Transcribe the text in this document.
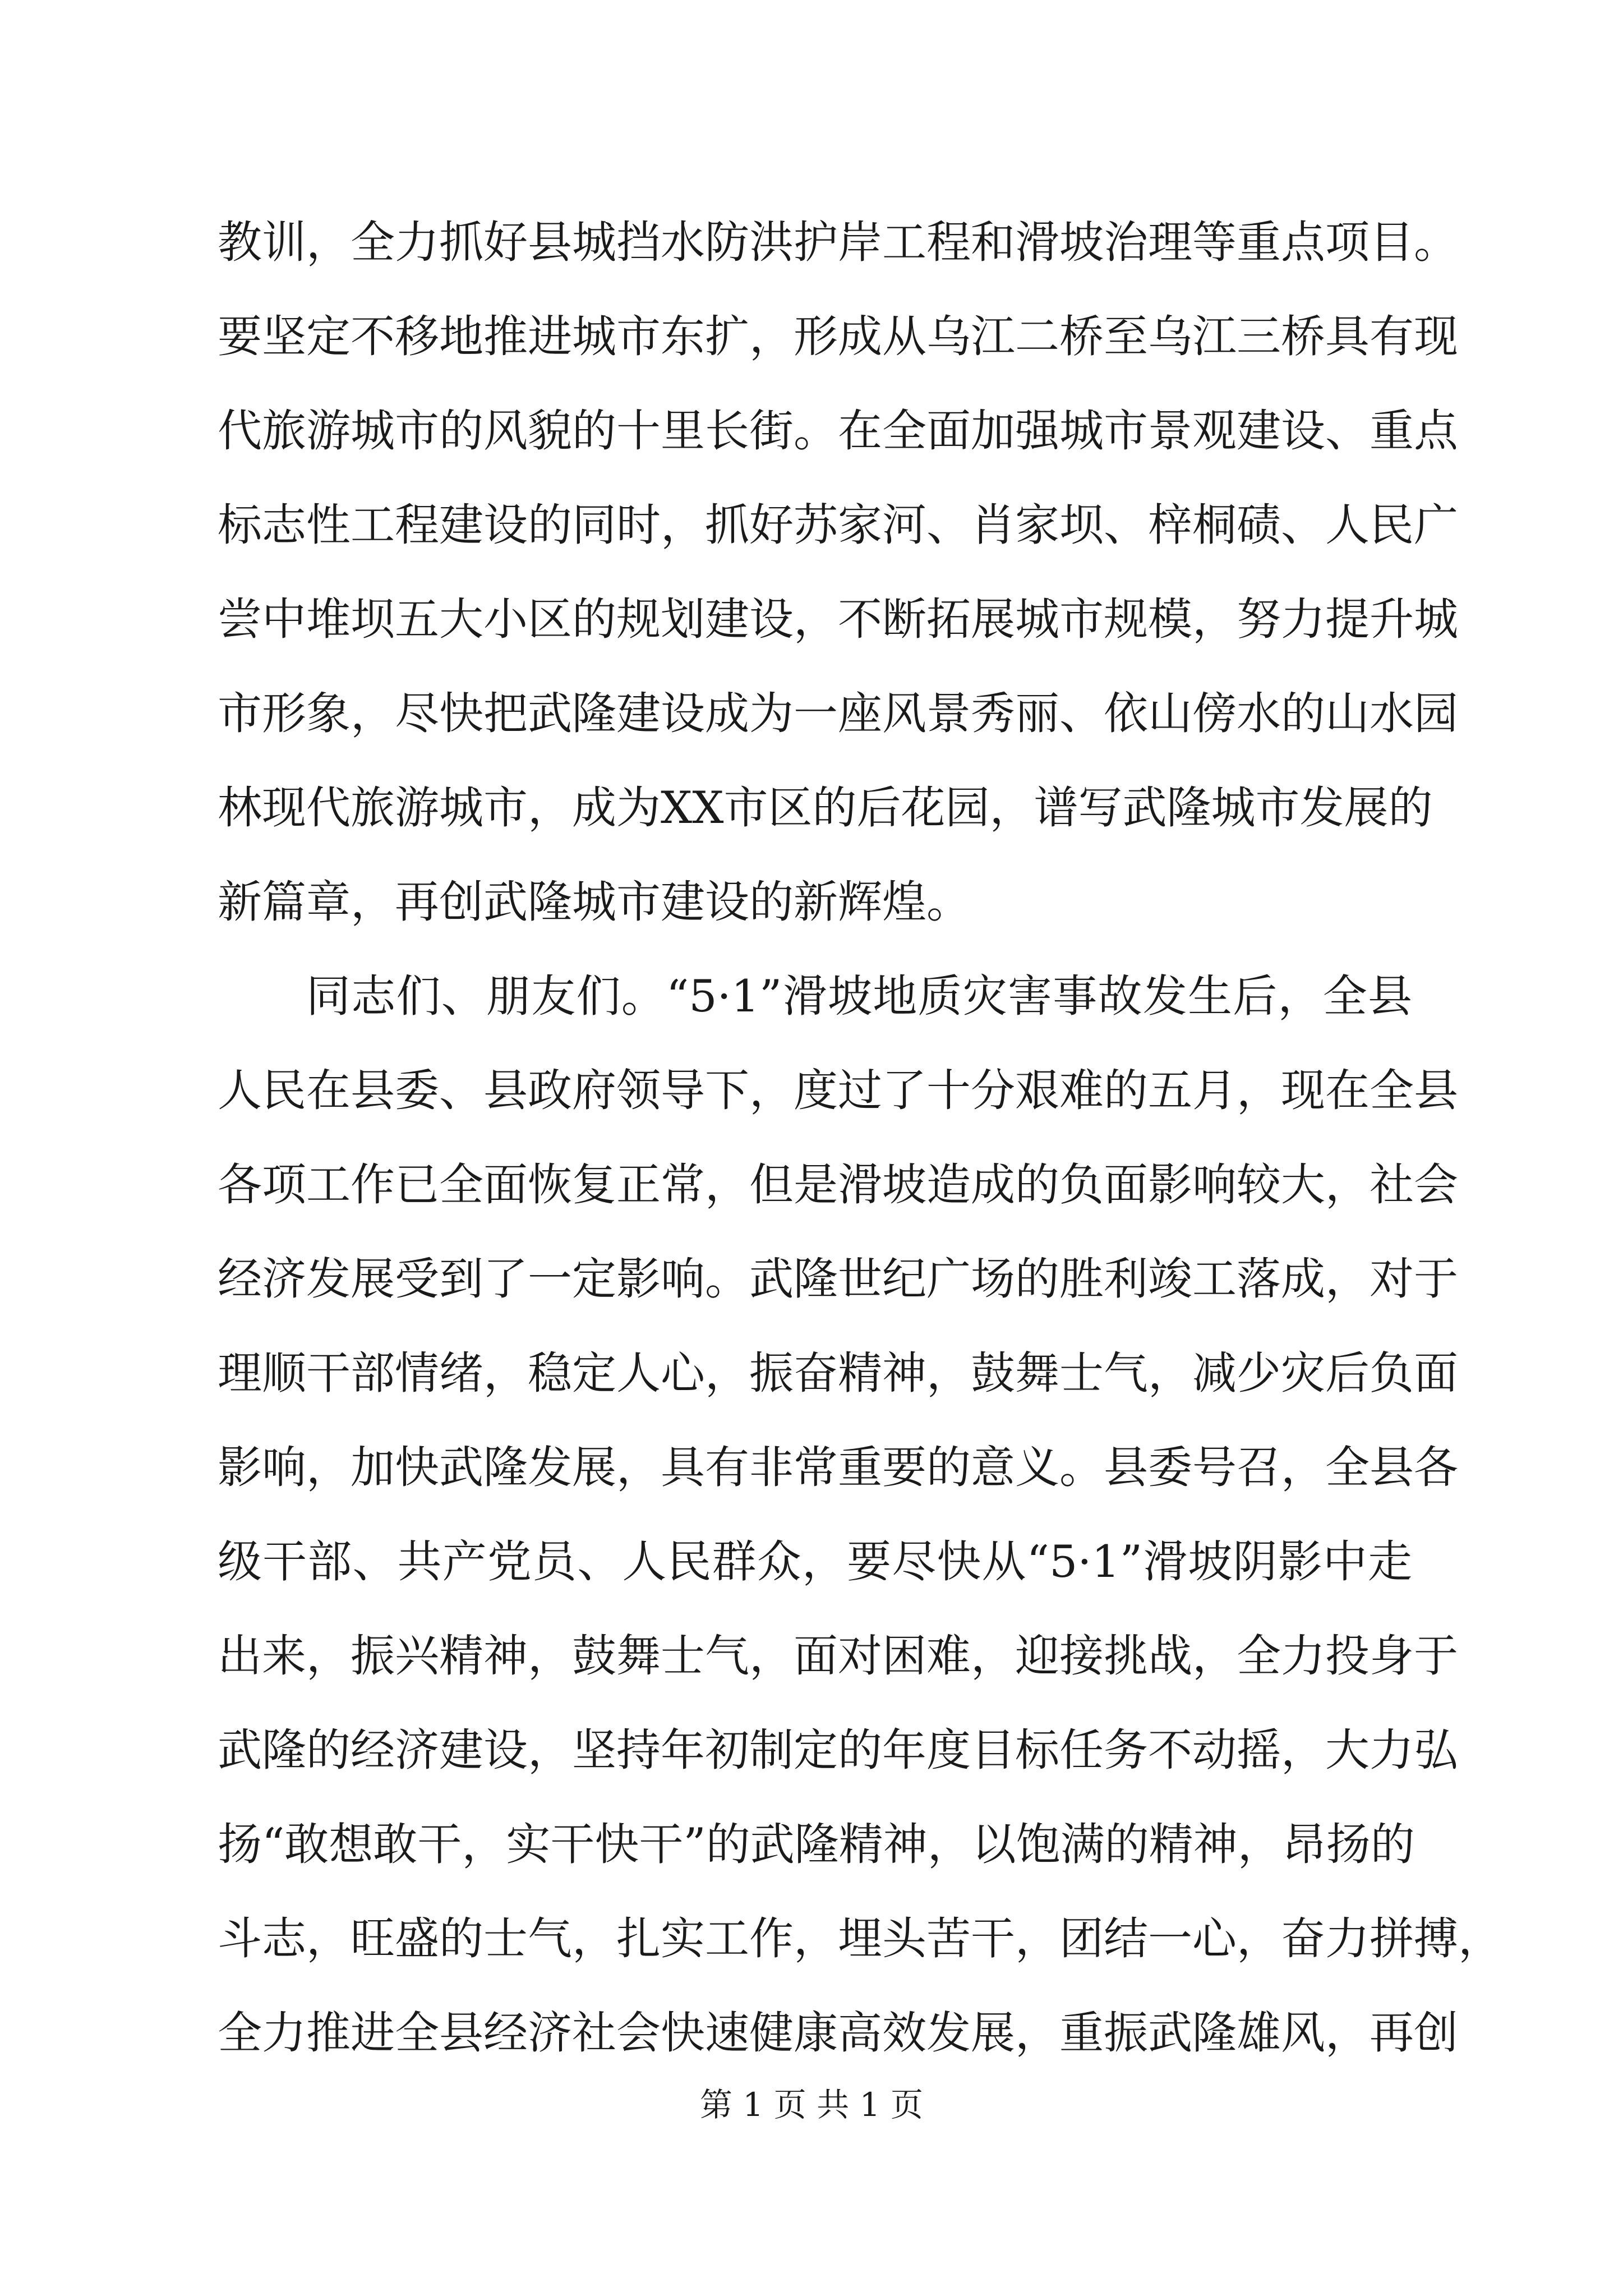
教训，全力抓好县城挡水防洪护岸工程和滑坡治理等重点项目。
要坚定不移地推进城市东扩，形成从乌江二桥至乌江三桥具有现
代旅游城市的风貌的十里长街。在全面加强城市景观建设、重点
标志性工程建设的同时，抓好苏家河、肖家坝、梓桐碛、人民广
尝中堆坝五大小区的规划建设，不断拓展城市规模，努力提升城
市形象，尽快把武隆建设成为一座风景秀丽、依山傍水的山水园
林现代旅游城市，成为XX市区的后花园，谱写武隆城市发展的
新篇章，再创武隆城市建设的新辉煌。
同志们、朋友们。“5·1”滑坡地质灾害事故发生后，全县
人民在县委、县政府领导下，度过了十分艰难的五月，现在全县
各项工作已全面恢复正常，但是滑坡造成的负面影响较大，社会
经济发展受到了一定影响。武隆世纪广场的胜利竣工落成，对于
理顺干部情绪，稳定人心，振奋精神，鼓舞士气，减少灾后负面
影响，加快武隆发展，具有非常重要的意义。县委号召，全县各
级干部、共产党员、人民群众，要尽快从“5·1”滑坡阴影中走
出来，振兴精神，鼓舞士气，面对困难，迎接挑战，全力投身于
武隆的经济建设，坚持年初制定的年度目标任务不动摇，大力弘
扬“敢想敢干，实干快干”的武隆精神，以饱满的精神，昂扬的
斗志，旺盛的士气，扎实工作，埋头苦干，团结一心，奋力拼搏，
全力推进全县经济社会快速健康高效发展，重振武隆雄风，再创
第 1 页 共 1 页
